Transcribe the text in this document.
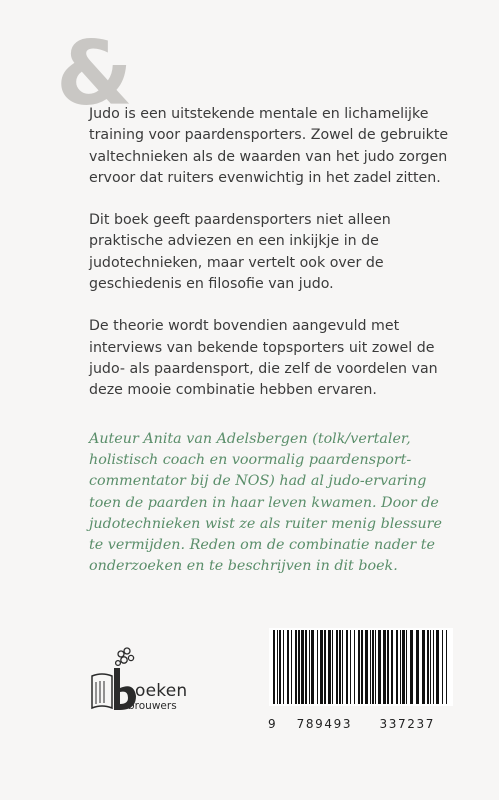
&

Judo is een uitstekende mentale en lichamelijke training voor paardensporters. Zowel de gebruikte valtechnieken als de waarden van het judo zorgen ervoor dat ruiters evenwichtig in het zadel zitten.

Dit boek geeft paardensporters niet alleen praktische adviezen en een inkijkje in de judotechnieken, maar vertelt ook over de geschiedenis en filosofie van judo.

De theorie wordt bovendien aangevuld met interviews van bekende topsporters uit zowel de judo- als paardensport, die zelf de voordelen van deze mooie combinatie hebben ervaren.

Auteur Anita van Adelsbergen (tolk/vertaler, holistisch coach en voormalig paardensport-commentator bij de NOS) had al judo-ervaring toen de paarden in haar leven kwamen. Door de judotechnieken wist ze als ruiter menig blessure te vermijden. Reden om de combinatie nader te onderzoeken en te beschrijven in dit boek.
oeken
brouwers
9 789493 337237
